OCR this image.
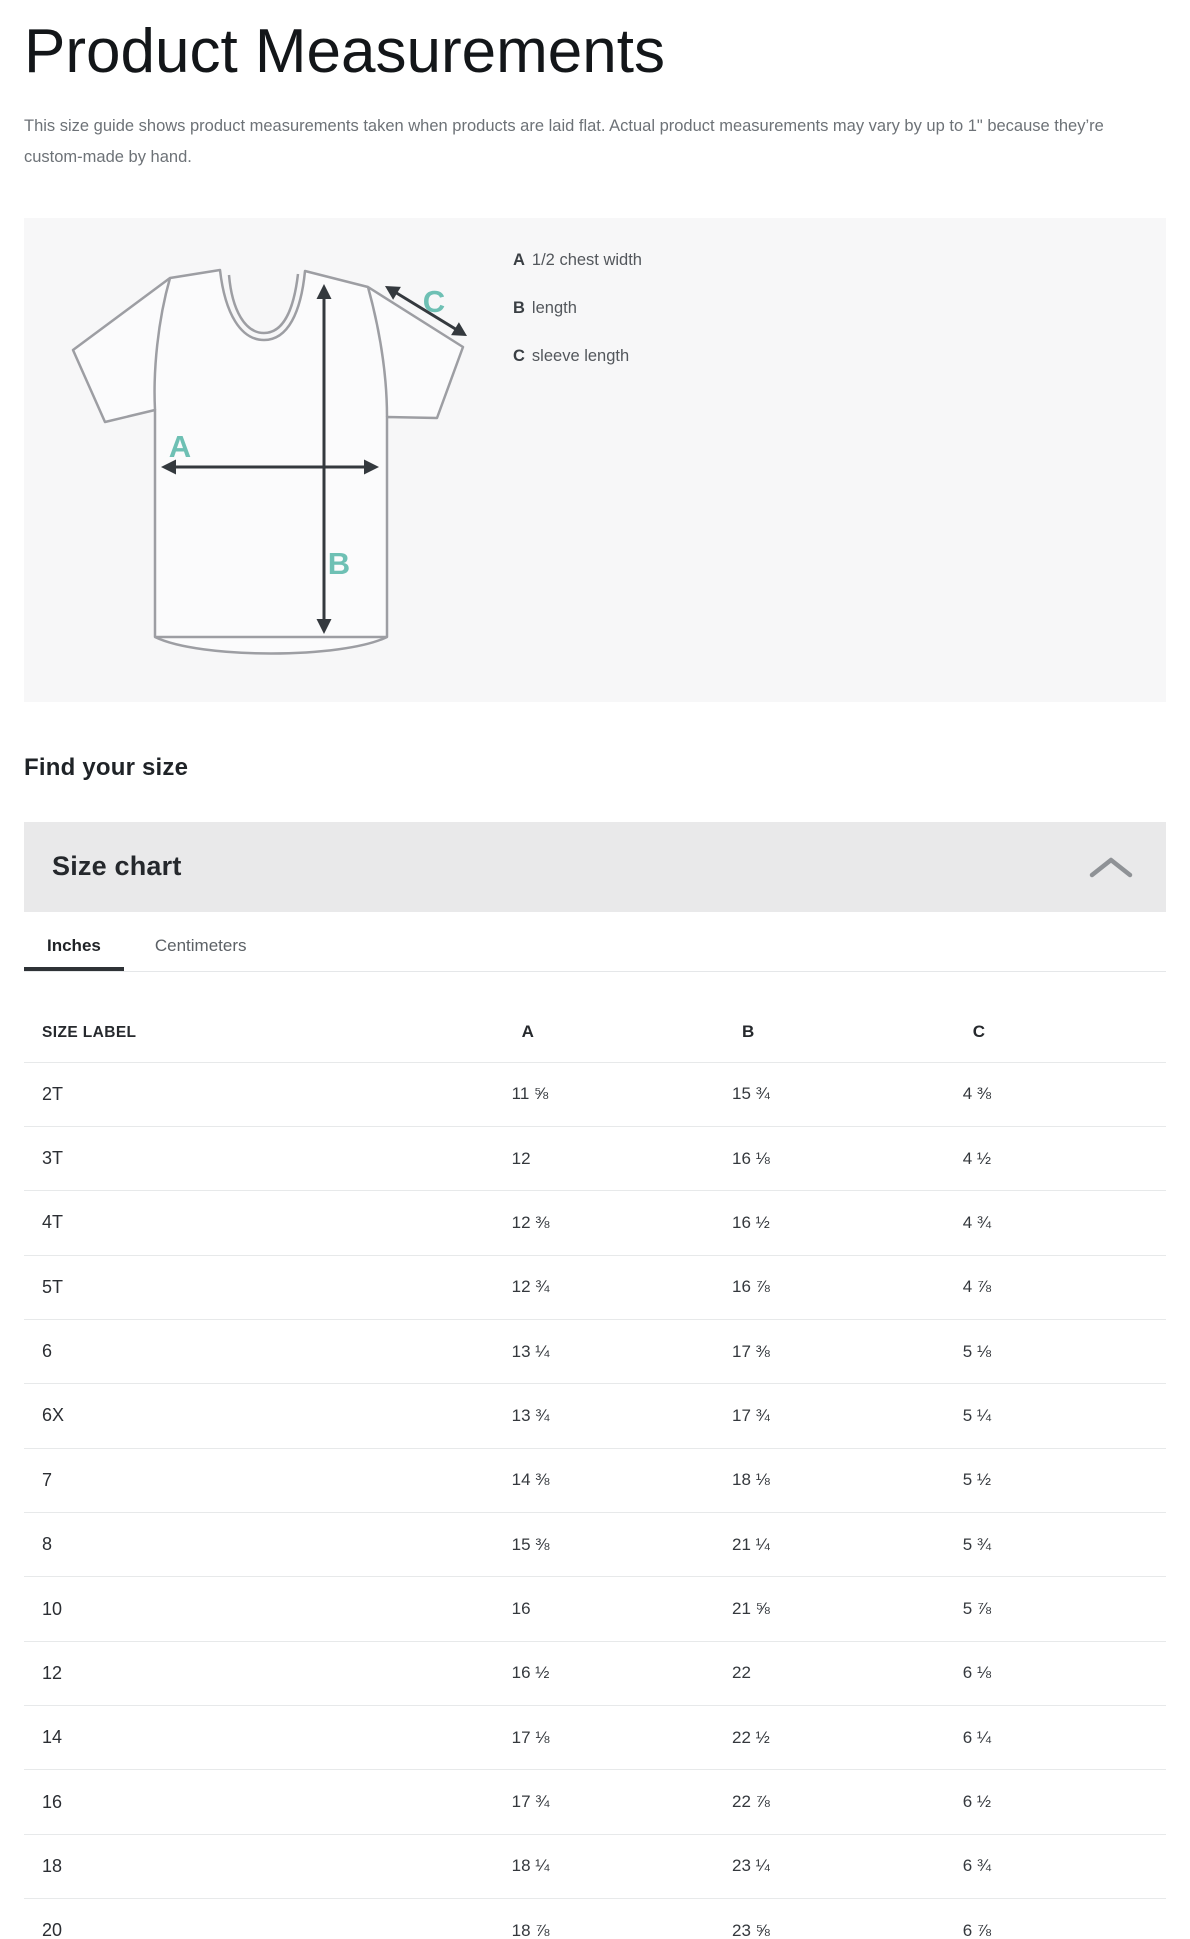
Product Measurements

This size guide shows product measurements taken when products are laid flat. Actual product measurements may vary by up to 1" because they’re custom-made by hand.

A
B
C
A 1/2 chest width
B length
C sleeve length
Find your size
Size chart
Inches	Centimeters
SIZE LABEL	A	B	C
2T	11 ⅝	15 ¾	4 ⅜
3T	12	16 ⅛	4 ½
4T	12 ⅜	16 ½	4 ¾
5T	12 ¾	16 ⅞	4 ⅞
6	13 ¼	17 ⅜	5 ⅛
6X	13 ¾	17 ¾	5 ¼
7	14 ⅜	18 ⅛	5 ½
8	15 ⅜	21 ¼	5 ¾
10	16	21 ⅝	5 ⅞
12	16 ½	22	6 ⅛
14	17 ⅛	22 ½	6 ¼
16	17 ¾	22 ⅞	6 ½
18	18 ¼	23 ¼	6 ¾
20	18 ⅞	23 ⅝	6 ⅞
